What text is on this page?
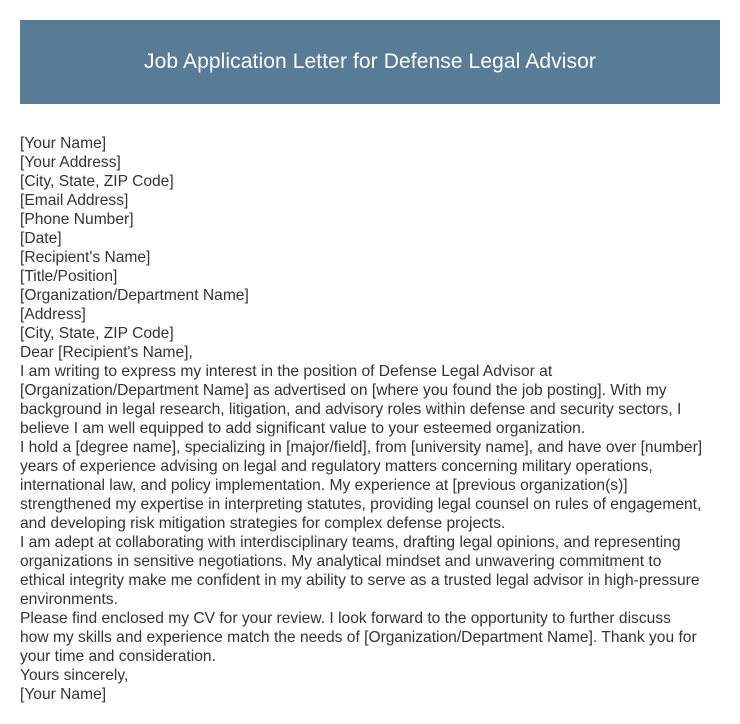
Job Application Letter for Defense Legal Advisor
[Your Name]
[Your Address]
[City, State, ZIP Code]
[Email Address]
[Phone Number]
[Date]
[Recipient's Name]
[Title/Position]
[Organization/Department Name]
[Address]
[City, State, ZIP Code]
Dear [Recipient's Name],
I am writing to express my interest in the position of Defense Legal Advisor at
[Organization/Department Name] as advertised on [where you found the job posting]. With my
background in legal research, litigation, and advisory roles within defense and security sectors, I
believe I am well equipped to add significant value to your esteemed organization.
I hold a [degree name], specializing in [major/field], from [university name], and have over [number]
years of experience advising on legal and regulatory matters concerning military operations,
international law, and policy implementation. My experience at [previous organization(s)]
strengthened my expertise in interpreting statutes, providing legal counsel on rules of engagement,
and developing risk mitigation strategies for complex defense projects.
I am adept at collaborating with interdisciplinary teams, drafting legal opinions, and representing
organizations in sensitive negotiations. My analytical mindset and unwavering commitment to
ethical integrity make me confident in my ability to serve as a trusted legal advisor in high-pressure
environments.
Please find enclosed my CV for your review. I look forward to the opportunity to further discuss
how my skills and experience match the needs of [Organization/Department Name]. Thank you for
your time and consideration.
Yours sincerely,
[Your Name]
